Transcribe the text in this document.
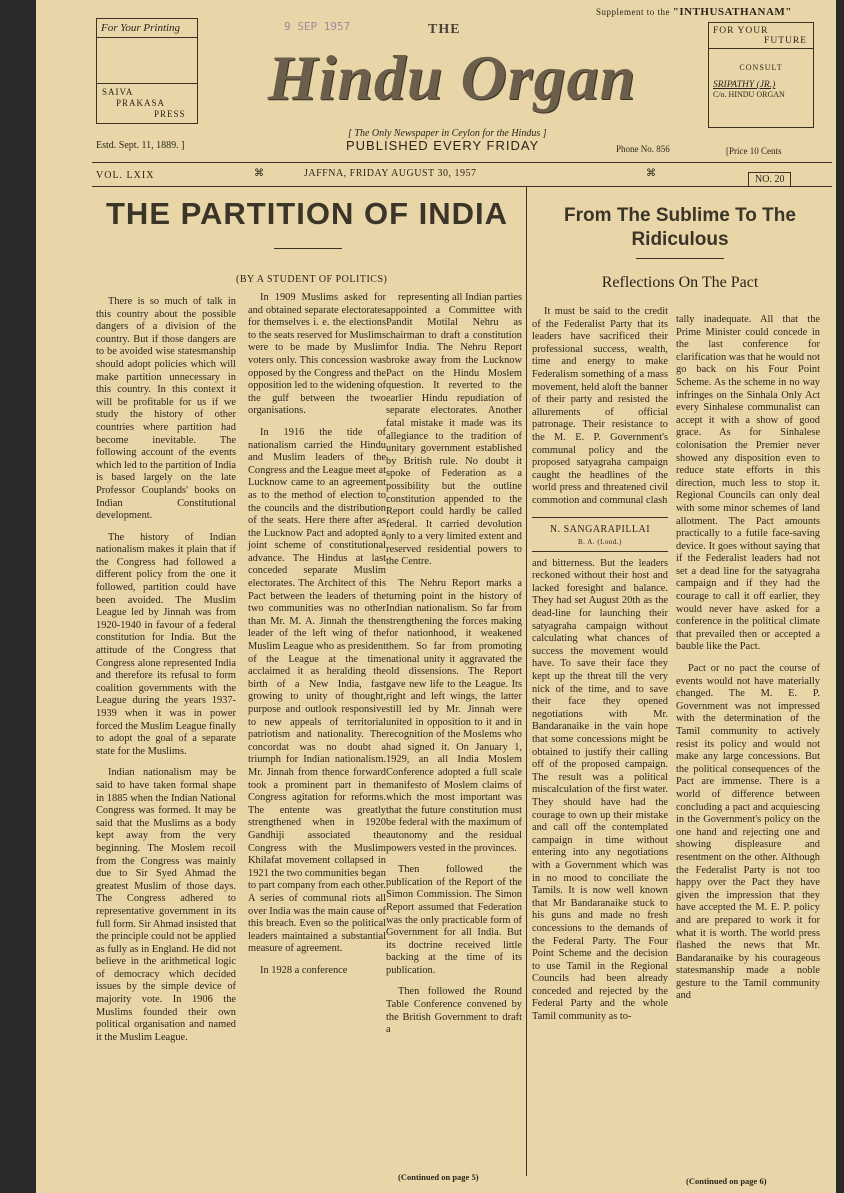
Supplement to the "INTHUSATHANAM"
For Your Printing
SAIVA
PRAKASA
PRESS
9 SEP 1957	THE
Hindu Organ
FOR YOUR
FUTURE
CONSULT
SRIPATHY (JR.)
C/o. HINDU ORGAN
[ The Only Newspaper in Ceylon for the Hindus ]
PUBLISHED EVERY FRIDAY
Estd. Sept. 11, 1889. ]	Phone No. 856	[Price 10 Cents
VOL. LXIX	⌘	JAFFNA, FRIDAY AUGUST 30, 1957	⌘
NO. 20
THE PARTITION OF INDIA
(BY A STUDENT OF POLITICS)

There is so much of talk in this country about the possible dangers of a division of the country. But if those dangers are to be avoided wise statesmanship should adopt policies which will make partition unnecessary in this country. In this context it will be profitable for us if we study the history of other countries where partition had become inevitable. The following account of the events which led to the partition of India is based largely on the late Professor Couplands' books on Indian Constitutional development.

The history of Indian nationalism makes it plain that if the Congress had followed a different policy from the one it followed, partition could have been avoided. The Muslim League led by Jinnah was from 1920-1940 in favour of a federal constitution for India. But the attitude of the Congress that Congress alone represented India and therefore its refusal to form coalition governments with the League during the years 1937-1939 when it was in power forced the Muslim League finally to adopt the goal of a separate state for the Muslims.

Indian nationalism may be said to have taken formal shape in 1885 when the Indian National Congress was formed. It may be said that the Muslims as a body kept away from the very beginning. The Moslem recoil from the Congress was mainly due to Sir Syed Ahmad the greatest Muslim of those days. The Congress adhered to representative government in its full form. Sir Ahmad insisted that the principle could not be applied as fully as in England. He did not believe in the arithmetical logic of democracy which decided issues by the simple device of majority vote. In 1906 the Muslims founded their own political organisation and named it the Muslim League.

In 1909 Muslims asked for and obtained separate electorates for themselves i. e. the elections to the seats reserved for Muslims were to be made by Muslim voters only. This concession was opposed by the Congress and the opposition led to the widening of the gulf between the two organisations.

In 1916 the tide of nationalism carried the Hindu and Muslim leaders of the Congress and the League meet at Lucknow came to an agreement as to the method of election to the councils and the distribution of the seats. Here there after as the Lucknow Pact and adopted a joint scheme of constitutional advance. The Hindus at last conceded separate Muslim electorates. The Architect of this Pact between the leaders of the two communities was no other than Mr. M. A. Jinnah the then leader of the left wing of the Muslim League who as president of the League at the time acclaimed it as heralding the birth of a New India, fast growing to unity of thought, purpose and outlook responsive to new appeals of territorial patriotism and nationality. The concordat was no doubt a triumph for Indian nationalism. Mr. Jinnah from thence forward took a prominent part in the Congress agitation for reforms. The entente was greatly strengthened when in 1920 Gandhiji associated the Congress with the Muslim Khilafat movement collapsed in 1921 the two communities began to part company from each other. A series of communal riots all over India was the main cause of this breach. Even so the political leaders maintained a substantial measure of agreement.

In 1928 a conference

representing all Indian parties appointed a Committee with Pandit Motilal Nehru as chairman to draft a constitution for India. The Nehru Report broke away from the Lucknow Pact on the Hindu Moslem question. It reverted to the earlier Hindu repudiation of separate electorates. Another fatal mistake it made was its allegiance to the tradition of unitary government established by British rule. No doubt it spoke of Federation as a possibility but the outline constitution appended to the Report could hardly be called federal. It carried devolution only to a very limited extent and reserved residential powers to the Centre.

The Nehru Report marks a turning point in the history of Indian nationalism. So far from strengthening the forces making for nationhood, it weakened them. So far from promoting national unity it aggravated the old dissensions. The Report gave new life to the League. Its right and left wings, the latter still led by Mr. Jinnah were united in opposition to it and in recognition of the Moslems who had signed it. On January 1, 1929, an all India Moslem Conference adopted a full scale manifesto of Moslem claims of which the most important was that the future constitution must be federal with the maximum of autonomy and the residual powers vested in the provinces.

Then followed the publication of the Report of the Simon Commission. The Simon Report assumed that Federation was the only practicable form of Government for all India. But its doctrine received little backing at the time of its publication.

Then followed the Round Table Conference convened by the British Government to draft a

(Continued on page 5)
From The Sublime To The Ridiculous
Reflections On The Pact

It must be said to the credit of the Federalist Party that its leaders have sacrificed their professional success, wealth, time and energy to make Federalism something of a mass movement, held aloft the banner of their party and resisted the allurements of official patronage. Their resistance to the M. E. P. Government's communal policy and the proposed satyagraha campaign caught the headlines of the world press and threatened civil commotion and communal clash

N. SANGARAPILLAI
B. A. (Lond.)

and bitterness. But the leaders reckoned without their host and lacked foresight and balance. They had set August 20th as the dead-line for launching their satyagraha campaign without calculating what chances of success the movement would have. To save their face they kept up the threat till the very nick of the time, and to save their face they opened negotiations with Mr. Bandaranaike in the vain hope that some concessions might be obtained to justify their calling off of the proposed campaign. The result was a political miscalculation of the first water. They should have had the courage to own up their mistake and call off the contemplated campaign in time without entering into any negotiations with a Government which was in no mood to conciliate the Tamils. It is now well known that Mr Bandaranaike stuck to his guns and made no fresh concessions to the demands of the Federal Party. The Four Point Scheme and the decision to use Tamil in the Regional Councils had been already conceded and rejected by the Federal Party and the whole Tamil community as to-

tally inadequate. All that the Prime Minister could concede in the last conference for clarification was that he would not go back on his Four Point Scheme. As the scheme in no way infringes on the Sinhala Only Act every Sinhalese communalist can accept it with a show of good grace. As for Sinhalese colonisation the Premier never showed any disposition even to reduce state efforts in this direction, much less to stop it. Regional Councils can only deal with some minor schemes of land allotment. The Pact amounts practically to a futile face-saving device. It goes without saying that if the Federalist leaders had not set a dead line for the satyagraha campaign and if they had the courage to call it off earlier, they would never have asked for a conference in the political climate that prevailed then or accepted a bauble like the Pact.

Pact or no pact the course of events would not have materially changed. The M. E. P. Government was not impressed with the determination of the Tamil community to actively resist its policy and would not make any large concessions. But the political consequences of the Pact are immense. There is a world of difference between concluding a pact and acquiescing in the Government's policy on the one hand and rejecting one and showing displeasure and resentment on the other. Although the Federalist Party is not too happy over the Pact they have given the impression that they have accepted the M. E. P. policy and are prepared to work it for what it is worth. The world press flashed the news that Mr. Bandaranaike by his courageous statesmanship made a noble gesture to the Tamil community and

(Continued on page 6)
